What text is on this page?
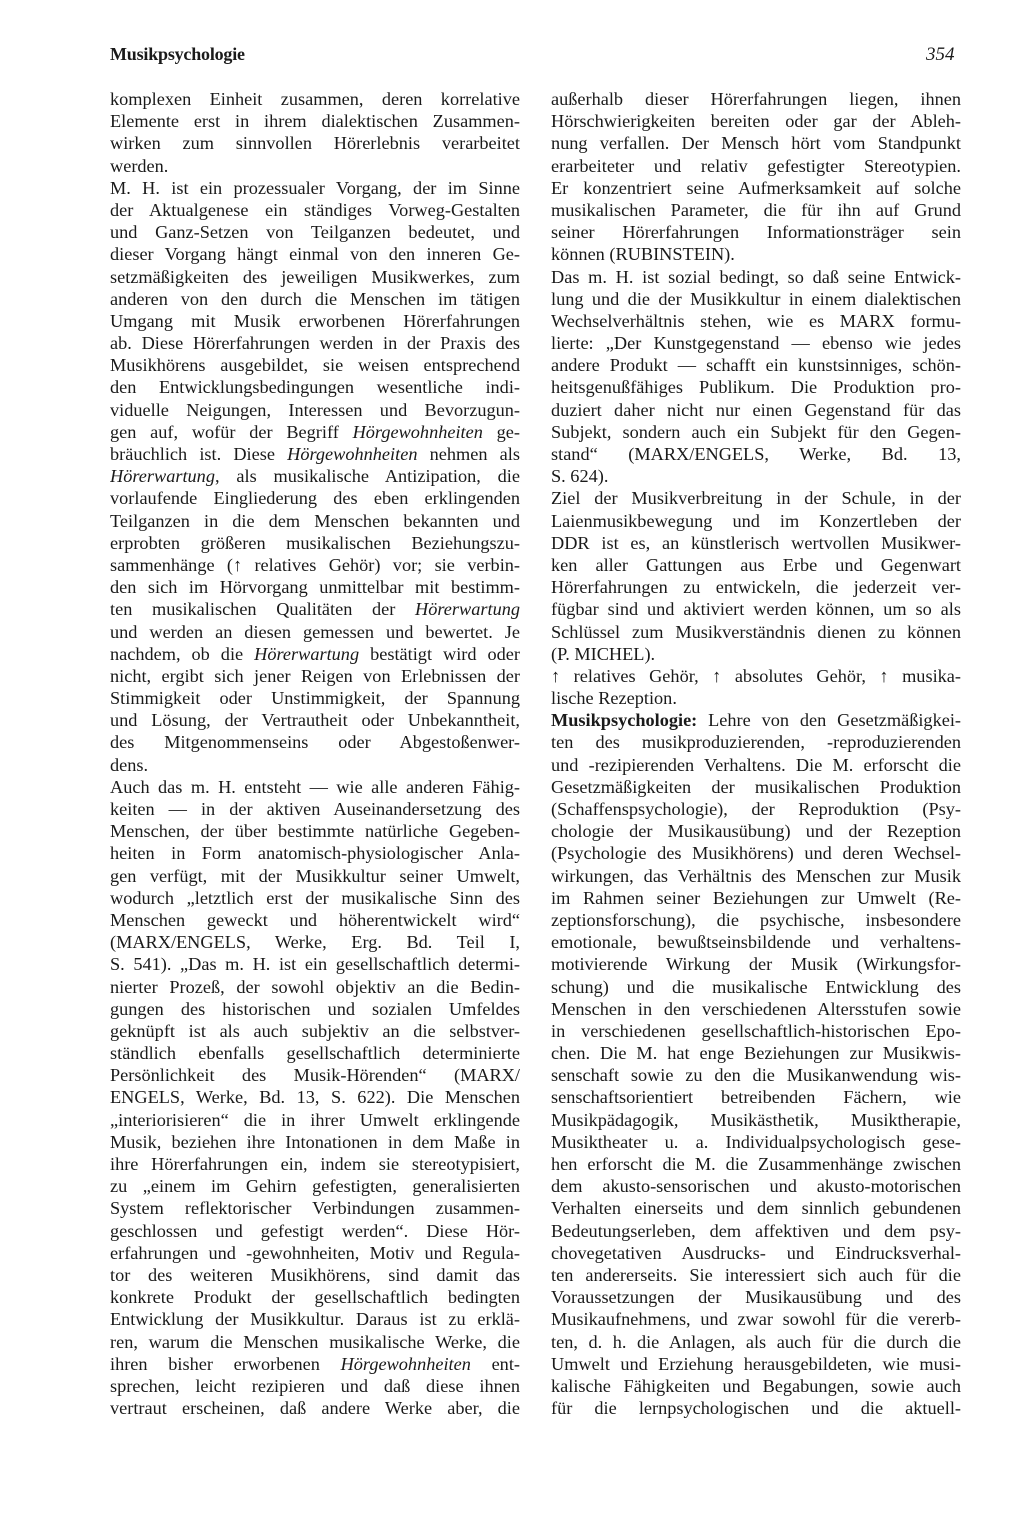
Musikpsychologie	354
komplexen Einheit zusammen, deren korrelative
Elemente erst in ihrem dialektischen Zusammen-
wirken zum sinnvollen Hörerlebnis verarbeitet
werden.
M. H. ist ein prozessualer Vorgang, der im Sinne
der Aktualgenese ein ständiges Vorweg-Gestalten
und Ganz-Setzen von Teilganzen bedeutet, und
dieser Vorgang hängt einmal von den inneren Ge-
setzmäßigkeiten des jeweiligen Musikwerkes, zum
anderen von den durch die Menschen im tätigen
Umgang mit Musik erworbenen Hörerfahrungen
ab. Diese Hörerfahrungen werden in der Praxis des
Musikhörens ausgebildet, sie weisen entsprechend
den Entwicklungsbedingungen wesentliche indi-
viduelle Neigungen, Interessen und Bevorzugun-
gen auf, wofür der Begriff Hörgewohnheiten ge-
bräuchlich ist. Diese Hörgewohnheiten nehmen als
Hörerwartung, als musikalische Antizipation, die
vorlaufende Eingliederung des eben erklingenden
Teilganzen in die dem Menschen bekannten und
erprobten größeren musikalischen Beziehungszu-
sammenhänge (↑ relatives Gehör) vor; sie verbin-
den sich im Hörvorgang unmittelbar mit bestimm-
ten musikalischen Qualitäten der Hörerwartung
und werden an diesen gemessen und bewertet. Je
nachdem, ob die Hörerwartung bestätigt wird oder
nicht, ergibt sich jener Reigen von Erlebnissen der
Stimmigkeit oder Unstimmigkeit, der Spannung
und Lösung, der Vertrautheit oder Unbekanntheit,
des Mitgenommenseins oder Abgestoßenwer-
dens.
Auch das m. H. entsteht — wie alle anderen Fähig-
keiten — in der aktiven Auseinandersetzung des
Menschen, der über bestimmte natürliche Gegeben-
heiten in Form anatomisch-physiologischer Anla-
gen verfügt, mit der Musikkultur seiner Umwelt,
wodurch „letztlich erst der musikalische Sinn des
Menschen geweckt und höherentwickelt wird“
(MARX/ENGELS, Werke, Erg. Bd. Teil I,
S. 541). „Das m. H. ist ein gesellschaftlich determi-
nierter Prozeß, der sowohl objektiv an die Bedin-
gungen des historischen und sozialen Umfeldes
geknüpft ist als auch subjektiv an die selbstver-
ständlich ebenfalls gesellschaftlich determinierte
Persönlichkeit des Musik-Hörenden“ (MARX/
ENGELS, Werke, Bd. 13, S. 622). Die Menschen
„interiorisieren“ die in ihrer Umwelt erklingende
Musik, beziehen ihre Intonationen in dem Maße in
ihre Hörerfahrungen ein, indem sie stereotypisiert,
zu „einem im Gehirn gefestigten, generalisierten
System reflektorischer Verbindungen zusammen-
geschlossen und gefestigt werden“. Diese Hör-
erfahrungen und -gewohnheiten, Motiv und Regula-
tor des weiteren Musikhörens, sind damit das
konkrete Produkt der gesellschaftlich bedingten
Entwicklung der Musikkultur. Daraus ist zu erklä-
ren, warum die Menschen musikalische Werke, die
ihren bisher erworbenen Hörgewohnheiten ent-
sprechen, leicht rezipieren und daß diese ihnen
vertraut erscheinen, daß andere Werke aber, die
außerhalb dieser Hörerfahrungen liegen, ihnen
Hörschwierigkeiten bereiten oder gar der Ableh-
nung verfallen. Der Mensch hört vom Standpunkt
erarbeiteter und relativ gefestigter Stereotypien.
Er konzentriert seine Aufmerksamkeit auf solche
musikalischen Parameter, die für ihn auf Grund
seiner Hörerfahrungen Informationsträger sein
können (RUBINSTEIN).
Das m. H. ist sozial bedingt, so daß seine Entwick-
lung und die der Musikkultur in einem dialektischen
Wechselverhältnis stehen, wie es MARX formu-
lierte: „Der Kunstgegenstand — ebenso wie jedes
andere Produkt — schafft ein kunstsinniges, schön-
heitsgenußfähiges Publikum. Die Produktion pro-
duziert daher nicht nur einen Gegenstand für das
Subjekt, sondern auch ein Subjekt für den Gegen-
stand“ (MARX/ENGELS, Werke, Bd. 13,
S. 624).
Ziel der Musikverbreitung in der Schule, in der
Laienmusikbewegung und im Konzertleben der
DDR ist es, an künstlerisch wertvollen Musikwer-
ken aller Gattungen aus Erbe und Gegenwart
Hörerfahrungen zu entwickeln, die jederzeit ver-
fügbar sind und aktiviert werden können, um so als
Schlüssel zum Musikverständnis dienen zu können
(P. MICHEL).
↑ relatives Gehör, ↑ absolutes Gehör, ↑ musika-
lische Rezeption.
Musikpsychologie: Lehre von den Gesetzmäßigkei-
ten des musikproduzierenden, -reproduzierenden
und -rezipierenden Verhaltens. Die M. erforscht die
Gesetzmäßigkeiten der musikalischen Produktion
(Schaffenspsychologie), der Reproduktion (Psy-
chologie der Musikausübung) und der Rezeption
(Psychologie des Musikhörens) und deren Wechsel-
wirkungen, das Verhältnis des Menschen zur Musik
im Rahmen seiner Beziehungen zur Umwelt (Re-
zeptionsforschung), die psychische, insbesondere
emotionale, bewußtseinsbildende und verhaltens-
motivierende Wirkung der Musik (Wirkungsfor-
schung) und die musikalische Entwicklung des
Menschen in den verschiedenen Altersstufen sowie
in verschiedenen gesellschaftlich-historischen Epo-
chen. Die M. hat enge Beziehungen zur Musikwis-
senschaft sowie zu den die Musikanwendung wis-
senschaftsorientiert betreibenden Fächern, wie
Musikpädagogik, Musikästhetik, Musiktherapie,
Musiktheater u. a. Individualpsychologisch gese-
hen erforscht die M. die Zusammenhänge zwischen
dem akusto-sensorischen und akusto-motorischen
Verhalten einerseits und dem sinnlich gebundenen
Bedeutungserleben, dem affektiven und dem psy-
chovegetativen Ausdrucks- und Eindrucksverhal-
ten andererseits. Sie interessiert sich auch für die
Voraussetzungen der Musikausübung und des
Musikaufnehmens, und zwar sowohl für die vererb-
ten, d. h. die Anlagen, als auch für die durch die
Umwelt und Erziehung herausgebildeten, wie musi-
kalische Fähigkeiten und Begabungen, sowie auch
für die lernpsychologischen und die aktuell-
